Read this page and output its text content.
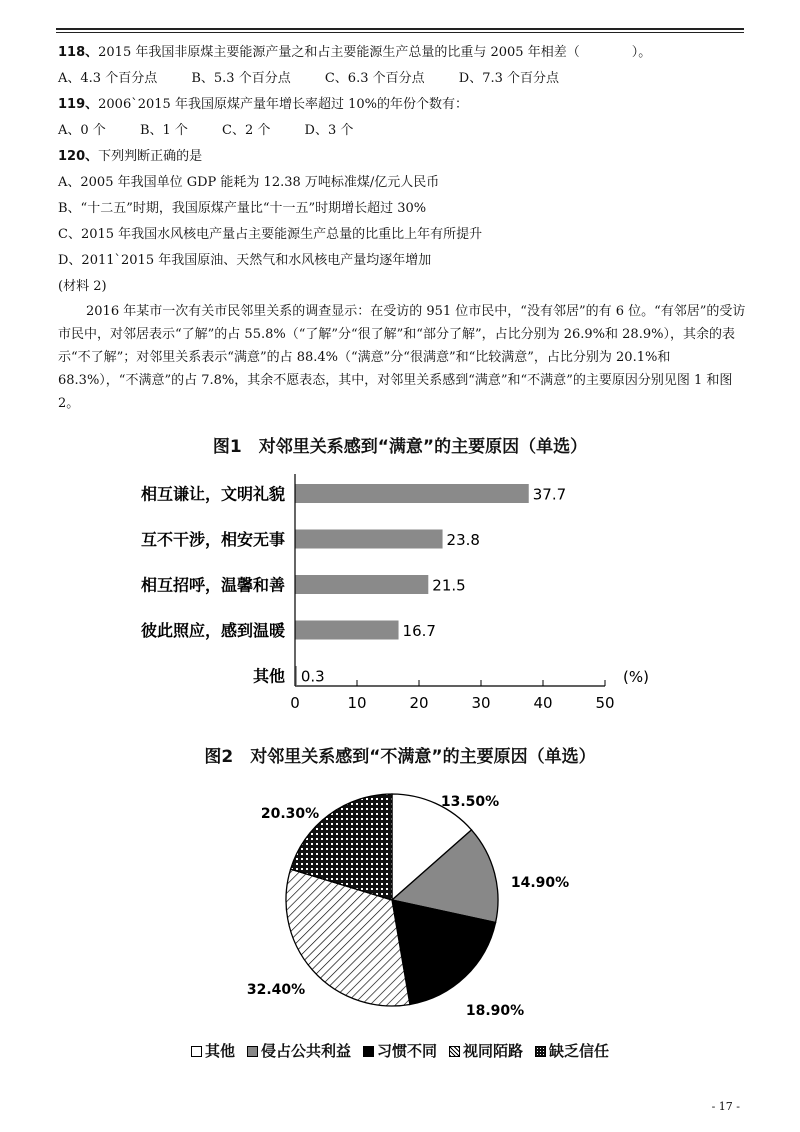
118、2015 年我国非原煤主要能源产量之和占主要能源生产总量的比重与 2005 年相差（　　　　）。
A、4.3 个百分点	B、5.3 个百分点	C、6.3 个百分点	D、7.3 个百分点
119、2006`2015 年我国原煤产量年增长率超过 10%的年份个数有：
A、0 个	B、1 个	C、2 个	D、3 个
120、下列判断正确的是
A、2005 年我国单位 GDP 能耗为 12.38 万吨标准煤/亿元人民币
B、“十二五”时期，我国原煤产量比“十一五”时期增长超过 30%
C、2015 年我国水风核电产量占主要能源生产总量的比重比上年有所提升
D、2011`2015 年我国原油、天然气和水风核电产量均逐年增加
(材料 2)
2016 年某市一次有关市民邻里关系的调查显示：在受访的 951 位市民中，“没有邻居”的有 6 位。“有邻居”的受访市民中，对邻居表示“了解”的占 55.8%（“了解”分“很了解”和“部分了解”，占比分别为 26.9%和 28.9%），其余的表示“不了解”；对邻里关系表示“满意”的占 88.4%（“满意”分“很满意”和“比较满意”，占比分别为 20.1%和 68.3%），“不满意”的占 7.8%，其余不愿表态，其中，对邻里关系感到“满意”和“不满意”的主要原因分别见图 1 和图 2。
图1　对邻里关系感到“满意”的主要原因（单选）
相互谦让，文明礼貌	37.7
互不干涉，相安无事	23.8
相互招呼，温馨和善	21.5
彼此照应，感到温暖	16.7
其他 0.3
0	10	20	30	40	50
(%)
图2　对邻里关系感到“不满意”的主要原因（单选）
13.50%
14.90%
18.90%
32.40%
20.30%
其他 侵占公共利益 习惯不同 视同陌路 缺乏信任
- 17 -
